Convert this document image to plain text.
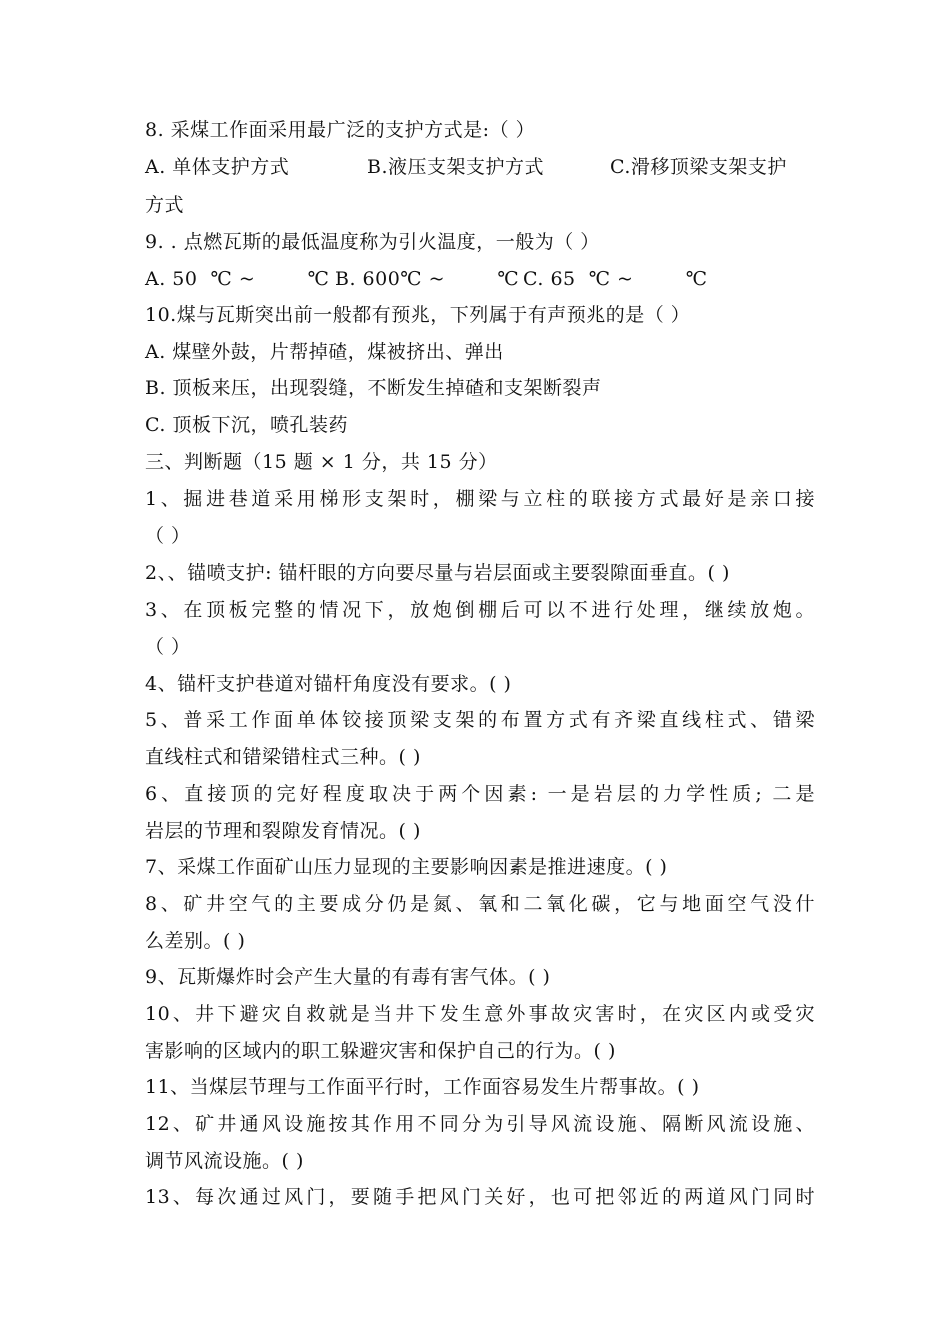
8. 采煤工作面采用最广泛的支护方式是:（ ）
A. 单体支护方式	B.液压支架支护方式	C.滑移顶梁支架支护
方式
9. . 点燃瓦斯的最低温度称为引火温度，一般为（ ）
A. 50  ℃ ~        ℃ B. 600℃ ~        ℃ C. 65  ℃ ~        ℃
10.煤与瓦斯突出前一般都有预兆，下列属于有声预兆的是（ ）
A. 煤壁外鼓，片帮掉碴，煤被挤出、弹出
B. 顶板来压，出现裂缝，不断发生掉碴和支架断裂声
C. 顶板下沉，喷孔装药
三、判断题（15 题 × 1 分，共 15 分）
1、掘进巷道采用梯形支架时，棚梁与立柱的联接方式最好是亲口接
（ ）
2、、锚喷支护: 锚杆眼的方向要尽量与岩层面或主要裂隙面垂直。( )
3、在顶板完整的情况下，放炮倒棚后可以不进行处理，继续放炮。
（ ）
4、锚杆支护巷道对锚杆角度没有要求。( )
5、普采工作面单体铰接顶梁支架的布置方式有齐梁直线柱式、错梁
直线柱式和错梁错柱式三种。( )
6、直接顶的完好程度取决于两个因素: 一是岩层的力学性质; 二是
岩层的节理和裂隙发育情况。( )
7、采煤工作面矿山压力显现的主要影响因素是推进速度。( )
8、矿井空气的主要成分仍是氮、氧和二氧化碳，它与地面空气没什
么差别。( )
9、瓦斯爆炸时会产生大量的有毒有害气体。( )
10、井下避灾自救就是当井下发生意外事故灾害时，在灾区内或受灾
害影响的区域内的职工躲避灾害和保护自己的行为。( )
11、当煤层节理与工作面平行时，工作面容易发生片帮事故。( )
12、矿井通风设施按其作用不同分为引导风流设施、隔断风流设施、
调节风流设施。( )
13、每次通过风门，要随手把风门关好，也可把邻近的两道风门同时
